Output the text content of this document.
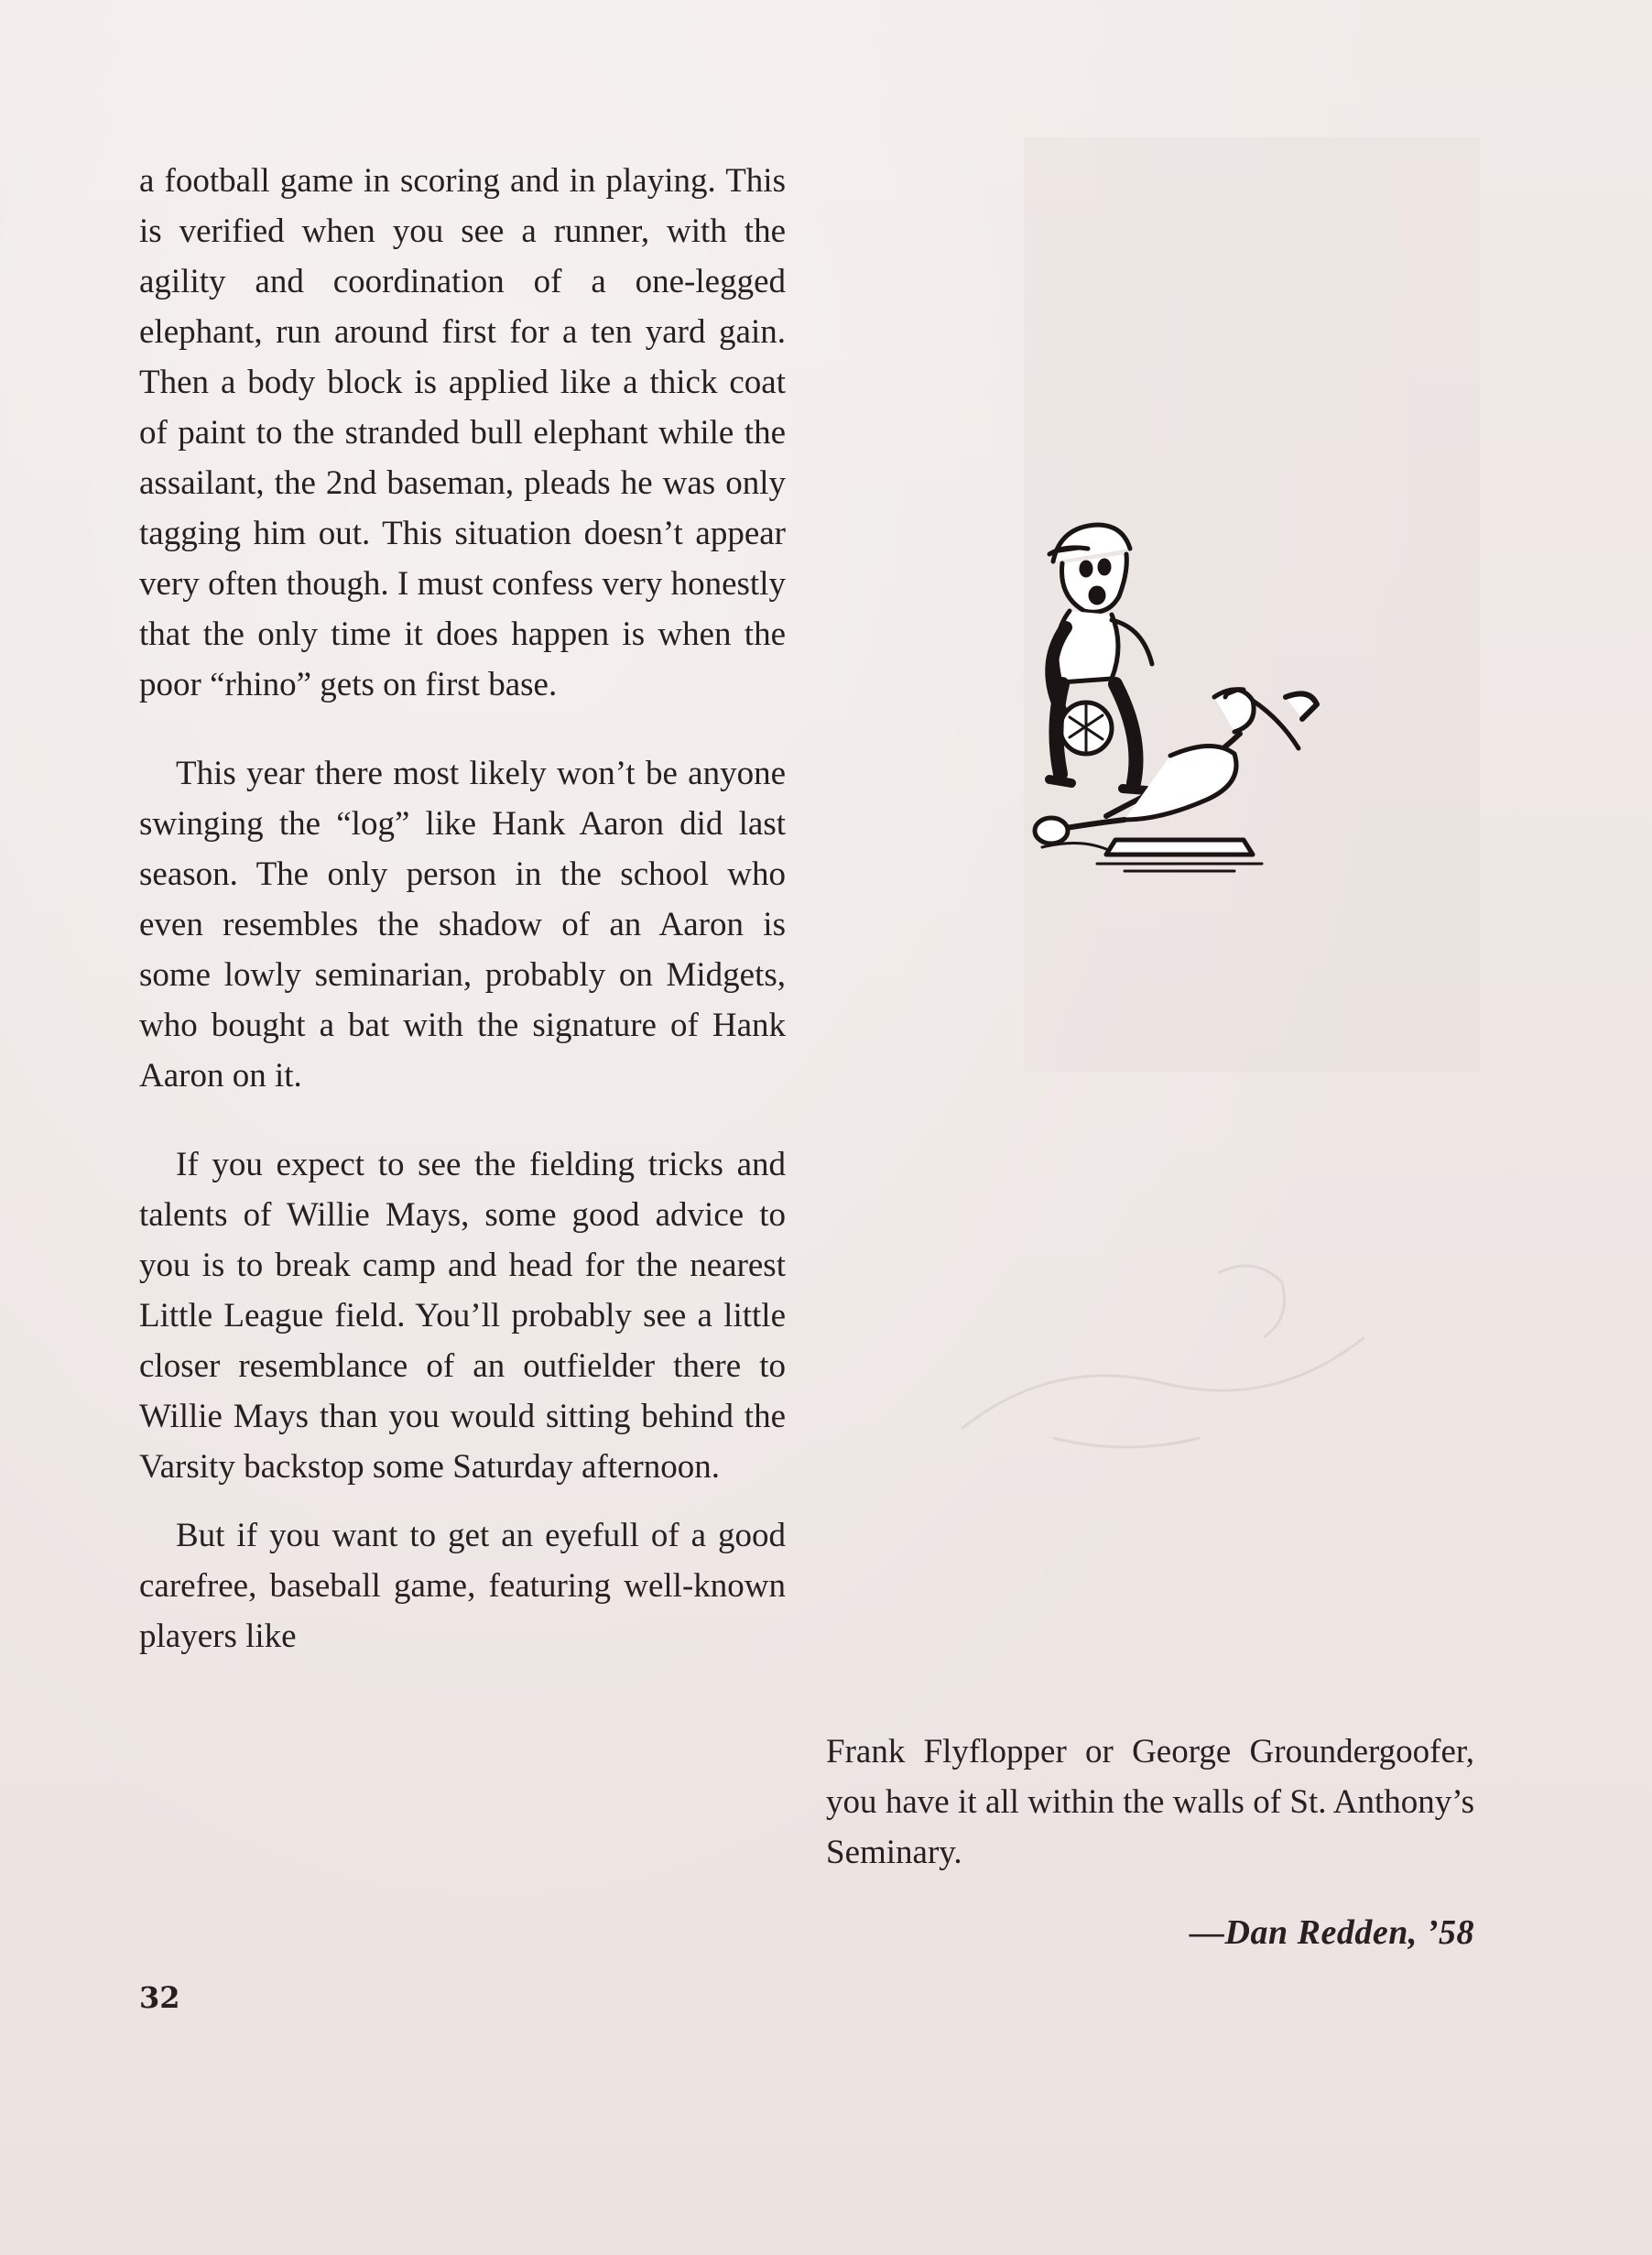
a football game in scoring and in playing. This is verified when you see a runner, with the agility and coordination of a one-legged elephant, run around first for a ten yard gain. Then a body block is applied like a thick coat of paint to the stranded bull elephant while the assailant, the 2nd baseman, pleads he was only tagging him out. This situation doesn’t appear very often though. I must confess very honestly that the only time it does happen is when the poor “rhino” gets on first base.

This year there most likely won’t be anyone swinging the “log” like Hank Aaron did last season. The only person in the school who even resembles the shadow of an Aaron is some lowly seminarian, probably on Midgets, who bought a bat with the signature of Hank Aaron on it.

If you expect to see the fielding tricks and talents of Willie Mays, some good advice to you is to break camp and head for the nearest Little League field. You’ll probably see a little closer resemblance of an outfielder there to Willie Mays than you would sitting behind the Varsity backstop some Saturday afternoon.

But if you want to get an eyefull of a good carefree, baseball game, featuring well-known players like

Frank Flyflopper or George Groundergoofer, you have it all within the walls of St. Anthony’s Seminary.

—Dan Redden, ’58
32
